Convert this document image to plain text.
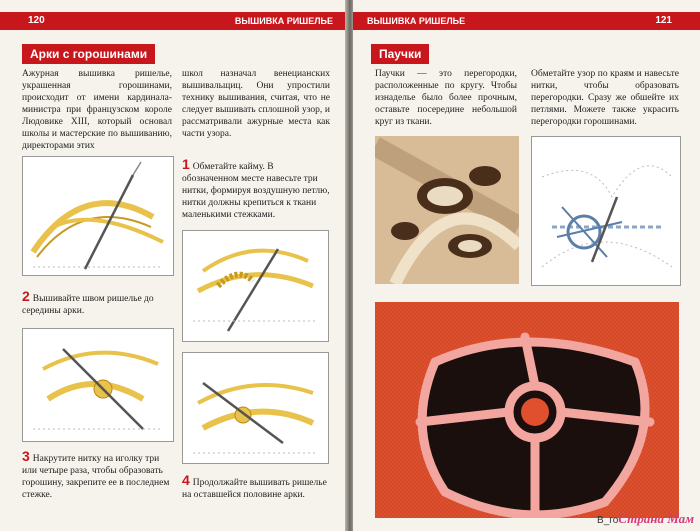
120	ВЫШИВКА РИШЕЛЬЕ
Арки с горошинами
Ажурная вышивка ришелье, украшенная горошинами, происходит от имени кардинала-министра при французском короле Людовике XIII, который основал школы и мастерские по вышиванию, директорами этих
школ назначал венецианских вышивальщиц. Они упростили технику вышивания, считая, что не следует вышивать сплошной узор, и рассматривали ажурные места как части узора.
1 Обметайте кайму. В обозначенном месте навесьте три нитки, формируя воздушную петлю, нитки должны крепиться к ткани маленькими стежками.
2 Вышивайте швом ришелье до середины арки.
3 Накрутите нитку на иголку три или четыре раза, чтобы образовать горошину, закрепите ее в последнем стежке.
4 Продолжайте вышивать ришелье на оставшейся половине арки.
ВЫШИВКА РИШЕЛЬЕ	121
Паучки
Паучки — это перегородки, расположенные по кругу. Чтобы изнаделье было более прочным, оставьте посередине небольшой круг из ткани.
Обметайте узор по краям и навесьте нитки, чтобы образовать перегородки. Сразу же обшейте их петлями. Можете также украсить перегородки горошинами.
В_гоСтрана Мам
